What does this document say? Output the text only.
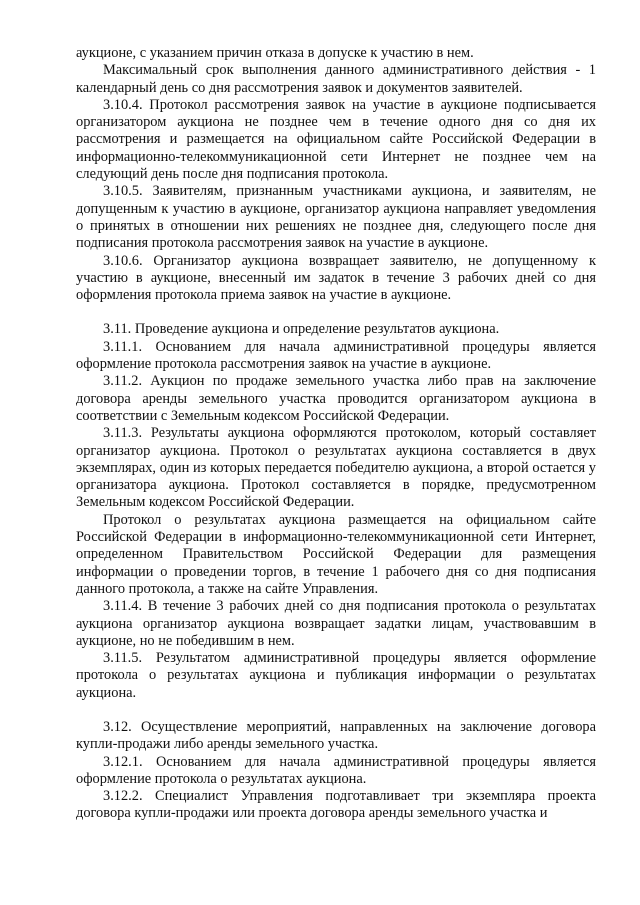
аукционе, с указанием причин отказа в допуске к участию в нем.

Максимальный срок выполнения данного административного действия - 1 календарный день со дня рассмотрения заявок и документов заявителей.

3.10.4. Протокол рассмотрения заявок на участие в аукционе подписывается организатором аукциона не позднее чем в течение одного дня со дня их рассмотрения и размещается на официальном сайте Российской Федерации в информационно-телекоммуникационной сети Интернет не позднее чем на следующий день после дня подписания протокола.

3.10.5. Заявителям, признанным участниками аукциона, и заявителям, не допущенным к участию в аукционе, организатор аукциона направляет уведомления о принятых в отношении них решениях не позднее дня, следующего после дня подписания протокола рассмотрения заявок на участие в аукционе.

3.10.6. Организатор аукциона возвращает заявителю, не допущенному к участию в аукционе, внесенный им задаток в течение 3 рабочих дней со дня оформления протокола приема заявок на участие в аукционе.

3.11. Проведение аукциона и определение результатов аукциона.

3.11.1. Основанием для начала административной процедуры является оформление протокола рассмотрения заявок на участие в аукционе.

3.11.2. Аукцион по продаже земельного участка либо прав на заключение договора аренды земельного участка проводится организатором аукциона в соответствии с Земельным кодексом Российской Федерации.

3.11.3. Результаты аукциона оформляются протоколом, который составляет организатор аукциона. Протокол о результатах аукциона составляется в двух экземплярах, один из которых передается победителю аукциона, а второй остается у организатора аукциона. Протокол составляется в порядке, предусмотренном Земельным кодексом Российской Федерации.

Протокол о результатах аукциона размещается на официальном сайте Российской Федерации в информационно-телекоммуникационной сети Интернет, определенном Правительством Российской Федерации для размещения информации о проведении торгов, в течение 1 рабочего дня со дня подписания данного протокола, а также на сайте Управления.

3.11.4. В течение 3 рабочих дней со дня подписания протокола о результатах аукциона организатор аукциона возвращает задатки лицам, участвовавшим в аукционе, но не победившим в нем.

3.11.5. Результатом административной процедуры является оформление протокола о результатах аукциона и публикация информации о результатах аукциона.

3.12. Осуществление мероприятий, направленных на заключение договора купли-продажи либо аренды земельного участка.

3.12.1. Основанием для начала административной процедуры является оформление протокола о результатах аукциона.

3.12.2. Специалист Управления подготавливает три экземпляра проекта договора купли-продажи или проекта договора аренды земельного участка и
